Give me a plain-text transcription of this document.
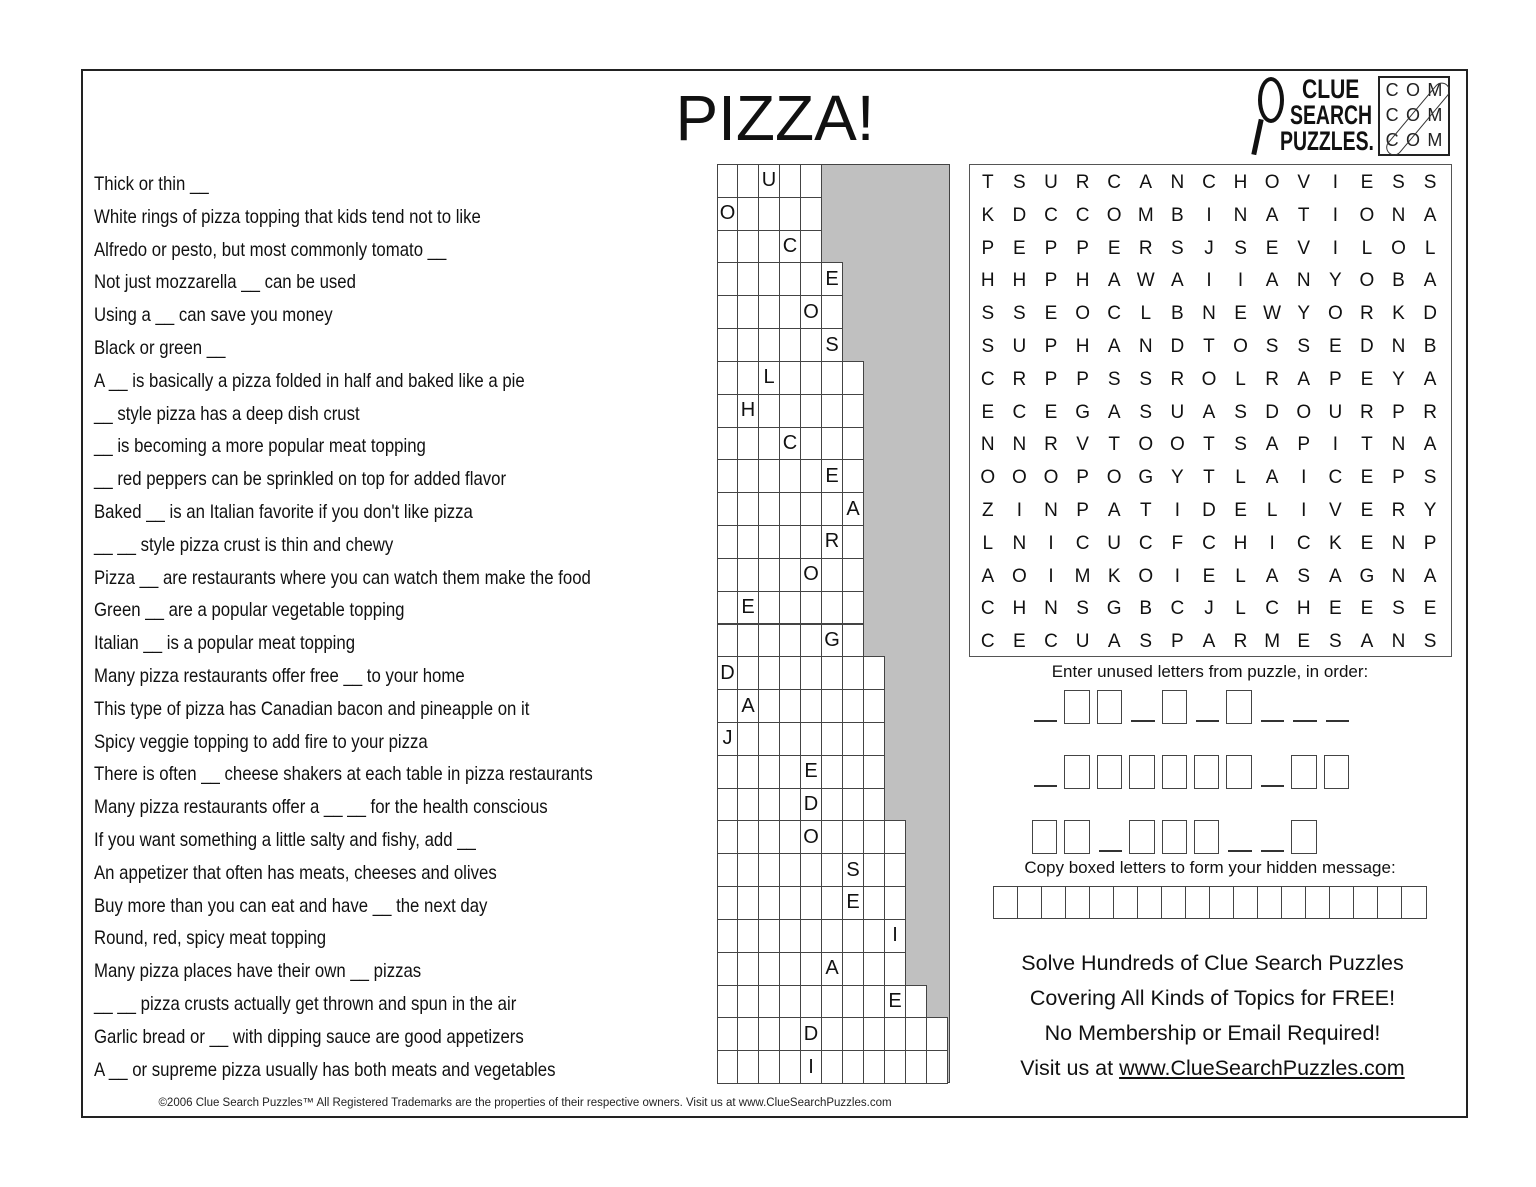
PIZZA!	CLUE
SEARCH
PUZZLES.
C O M
C O M
C O M
Thick or thin __
White rings of pizza topping that kids tend not to like
Alfredo or pesto, but most commonly tomato __
Not just mozzarella __ can be used
Using a __ can save you money
Black or green __
A __ is basically a pizza folded in half and baked like a pie
__ style pizza has a deep dish crust
__ is becoming a more popular meat topping
__ red peppers can be sprinkled on top for added flavor
Baked __ is an Italian favorite if you don't like pizza
__ __ style pizza crust is thin and chewy
Pizza __ are restaurants where you can watch them make the food
Green __ are a popular vegetable topping
Italian __ is a popular meat topping
Many pizza restaurants offer free __ to your home
This type of pizza has Canadian bacon and pineapple on it
Spicy veggie topping to add fire to your pizza
There is often __ cheese shakers at each table in pizza restaurants
Many pizza restaurants offer a __ __ for the health conscious
If you want something a little salty and fishy, add __
An appetizer that often has meats, cheeses and olives
Buy more than you can eat and have __ the next day
Round, red, spicy meat topping
Many pizza places have their own __ pizzas
__ __ pizza crusts actually get thrown and spun in the air
Garlic bread or __ with dipping sauce are good appetizers
A __ or supreme pizza usually has both meats and vegetables
U
O
C
E
O
S
L
H
C
E
A
R
O
E
G
D
A
J
E
D
O
S
E
I
A
E
D
I
T	S U R C A N C H O V	I	E S S
K D C C O M B	I	N A	T	I	O N A
P E P P E R S	J	S E V	I	L O L
H H P H A W A	I	I	A N Y O B A
S S E O C	L	B N E W Y O R K D
S U P H A N D T O S S E D N B
C R P P S S R O L	R A P E Y A
E C E G A S U A S D O U R P R
N N R V	T O O T	S A P	I	T N A
O O O P O G Y	T	L	A	I	C E P S
Z	I	N P A	T	I	D E	L	I	V E R Y
L	N	I	C U C F C H	I	C K E N P
A O	I	M K O	I	E	L	A S A G N A
C H N S G B C	J	L	C H E E S E
C E C U A S P A R M E S A N S
Enter unused letters from puzzle, in order:
Copy boxed letters to form your hidden message:
Solve Hundreds of Clue Search Puzzles
Covering All Kinds of Topics for FREE!
No Membership or Email Required!
Visit us at www.ClueSearchPuzzles.com
©2006 Clue Search Puzzles™ All Registered Trademarks are the properties of their respective owners. Visit us at www.ClueSearchPuzzles.com
